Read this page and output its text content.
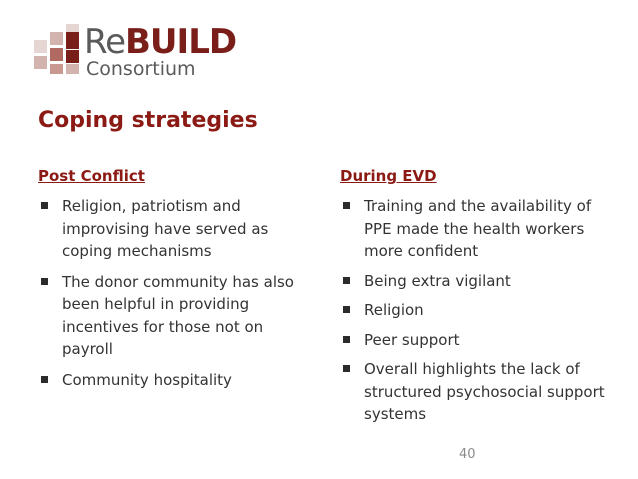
ReBUILD
Consortium
Coping strategies
Post Conflict
Religion, patriotism and improvising have served as coping mechanisms
The donor community has also been helpful in providing incentives for those not on payroll
Community hospitality
During EVD
Training and the availability of PPE made the health workers more confident
Being extra vigilant
Religion
Peer support
Overall highlights the lack of structured psychosocial support systems
40
